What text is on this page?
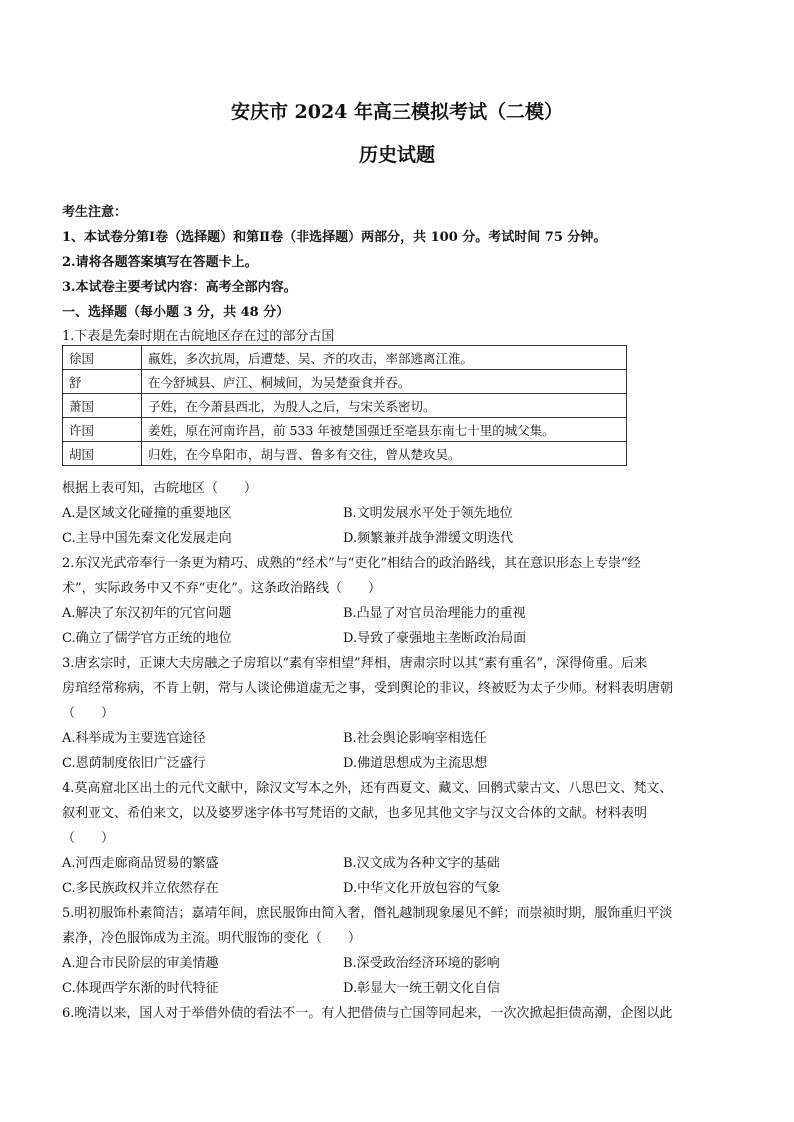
安庆市 2024 年高三模拟考试（二模）
历史试题
考生注意：
1、本试卷分第Ⅰ卷（选择题）和第Ⅱ卷（非选择题）两部分，共 100 分。考试时间 75 分钟。
2.请将各题答案填写在答题卡上。
3.本试卷主要考试内容：高考全部内容。
一、选择题（每小题 3 分，共 48 分）
1.下表是先秦时期在古皖地区存在过的部分古国
徐国	嬴姓，多次抗周，后遭楚、吴、齐的攻击，率部逃离江淮。
舒	在今舒城县、庐江、桐城间，为吴楚蚕食并吞。
萧国	子姓，在今萧县西北，为殷人之后，与宋关系密切。
许国	姜姓，原在河南许昌，前 533 年被楚国强迁至亳县东南七十里的城父集。
胡国	归姓，在今阜阳市，胡与晋、鲁多有交往，曾从楚攻吴。
根据上表可知，古皖地区（　　）
A.是区域文化碰撞的重要地区	B.文明发展水平处于领先地位
C.主导中国先秦文化发展走向	D.频繁兼并战争滞缓文明迭代
2.东汉光武帝奉行一条更为精巧、成熟的“经术”与“吏化”相结合的政治路线，其在意识形态上专崇“经
术”，实际政务中又不弃“吏化”。这条政治路线（　　）
A.解决了东汉初年的冗官问题	B.凸显了对官员治理能力的重视
C.确立了儒学官方正统的地位	D.导致了豪强地主垄断政治局面
3.唐玄宗时，正谏大夫房融之子房琯以“素有宰相望”拜相，唐肃宗时以其“素有重名”，深得倚重。后来
房琯经常称病，不肯上朝，常与人谈论佛道虚无之事，受到舆论的非议，终被贬为太子少师。材料表明唐朝
（　　）
A.科举成为主要选官途径	B.社会舆论影响宰相选任
C.恩荫制度依旧广泛盛行	D.佛道思想成为主流思想
4.莫高窟北区出土的元代文献中，除汉文写本之外，还有西夏文、藏文、回鹘式蒙古文、八思巴文、梵文、
叙利亚文、希伯来文，以及婆罗迷字体书写梵语的文献，也多见其他文字与汉文合体的文献。材料表明
（　　）
A.河西走廊商品贸易的繁盛	B.汉文成为各种文字的基础
C.多民族政权并立依然存在	D.中华文化开放包容的气象
5.明初服饰朴素简洁；嘉靖年间，庶民服饰由简入奢，僭礼越制现象屡见不鲜；而崇祯时期，服饰重归平淡
素净，冷色服饰成为主流。明代服饰的变化（　　）
A.迎合市民阶层的审美情趣	B.深受政治经济环境的影响
C.体现西学东渐的时代特征	D.彰显大一统王朝文化自信
6.晚清以来，国人对于举借外债的看法不一。有人把借债与亡国等同起来，一次次掀起拒债高潮，企图以此
